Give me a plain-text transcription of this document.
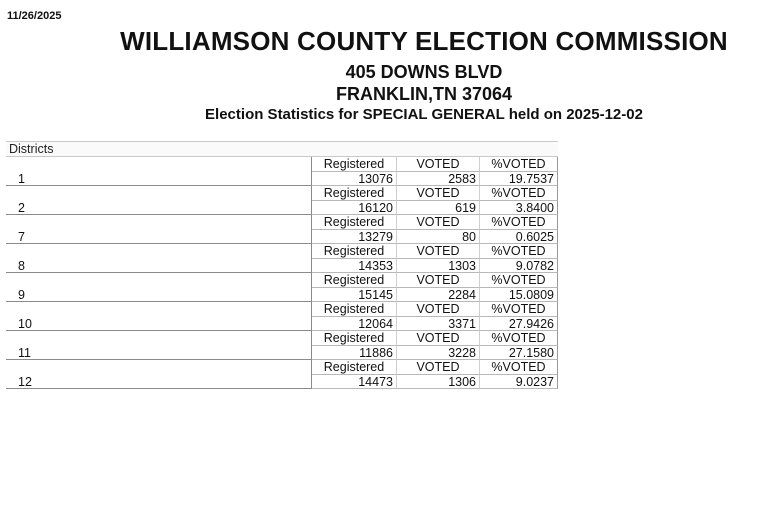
11/26/2025
WILLIAMSON COUNTY ELECTION COMMISSION
405 DOWNS BLVD
FRANKLIN,TN 37064
Election Statistics for SPECIAL GENERAL held on 2025-12-02
Districts
Registered	VOTED	%VOTED
1	13076	2583	19.7537
Registered	VOTED	%VOTED
2	16120	619	3.8400
Registered	VOTED	%VOTED
7	13279	80	0.6025
Registered	VOTED	%VOTED
8	14353	1303	9.0782
Registered	VOTED	%VOTED
9	15145	2284	15.0809
Registered	VOTED	%VOTED
10	12064	3371	27.9426
Registered	VOTED	%VOTED
11	11886	3228	27.1580
Registered	VOTED	%VOTED
12	14473	1306	9.0237
